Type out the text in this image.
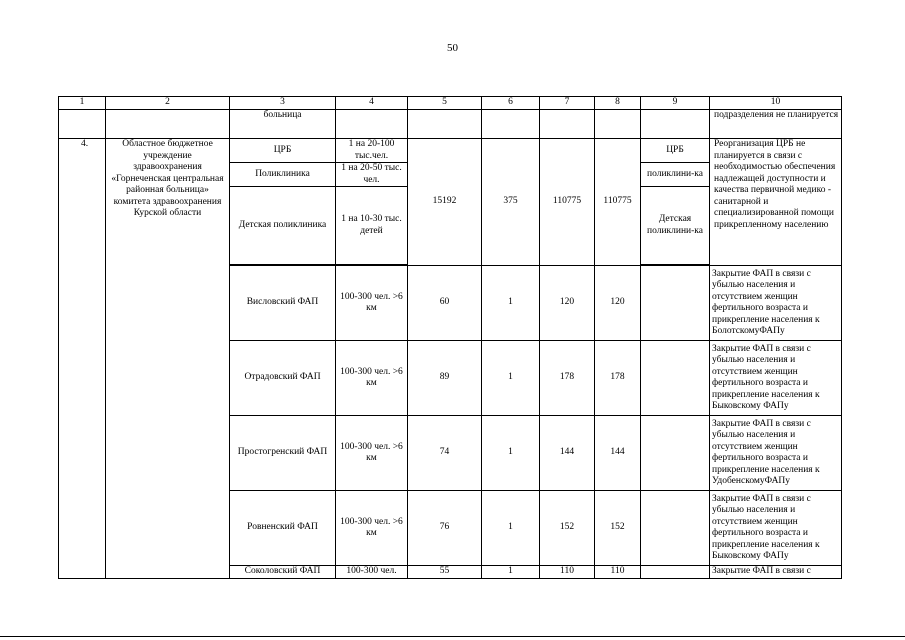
50
1	2	3	4	5	6	7	8	9	10
		больница							подразделения не планируется
4.	Областное бюджетное учреждение здравоохранения «Горнеченская центральная районная больница» комитета здравоохранения Курской области	ЦРБ	1 на 20-100 тыс.чел.	15192	375	110775	110775	ЦРБ	Реорганизация ЦРБ не планируется в связи с необходимостью обеспечения надлежащей доступности и качества первичной медико - санитарной и специализированной помощи прикрепленному населению
		Поликлиника	1 на 20-50 тыс. чел.					поликлини-ка	
		Детская поликлиника	1 на 10-30 тыс. детей					Детская поликлини-ка	

		Висловский ФАП	100-300 чел. >6 км	60	1	120	120		Закрытие ФАП в связи с убылью населения и отсутствием женщин фертильного возраста и прикрепление населения к БолотскомуФАПу
		Отрадовский ФАП	100-300 чел. >6 км	89	1	178	178		Закрытие ФАП в связи с убылью населения и отсутствием женщин фертильного возраста и прикрепление населения к Быковскому ФАПу
		Простогренский ФАП	100-300 чел. >6 км	74	1	144	144		Закрытие ФАП в связи с убылью населения и отсутствием женщин фертильного возраста и прикрепление населения к УдобенскомуФАПу
		Ровненский ФАП	100-300 чел. >6 км	76	1	152	152		Закрытие ФАП в связи с убылью населения и отсутствием женщин фертильного возраста и прикрепление населения к Быковскому ФАПу
		Соколовский ФАП	100-300 чел.	55	1	110	110		Закрытие ФАП в связи с
